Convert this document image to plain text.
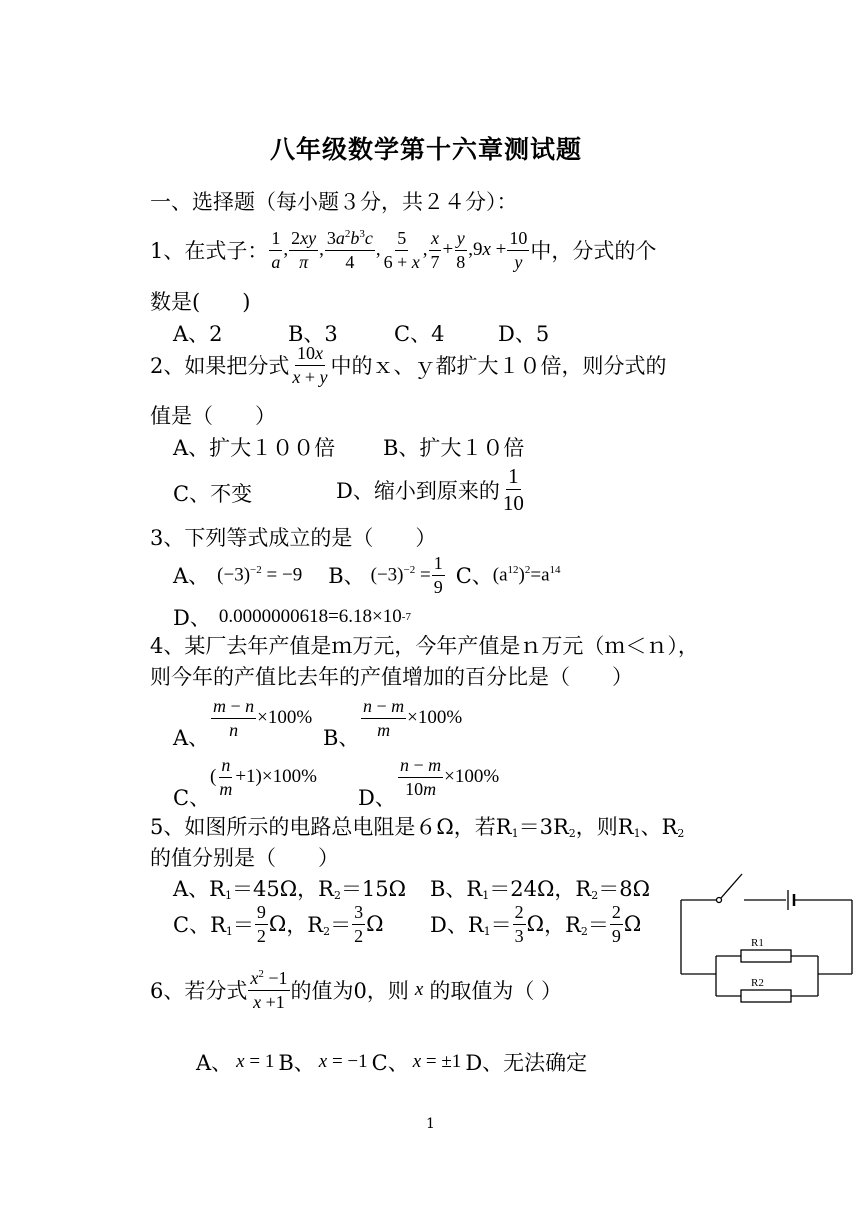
八年级数学第十六章测试题
一、选择题（每小题３分，共２４分）：
1、在式子： $\frac{1}{a}$ , $\frac{2xy}{\pi}$ , $\frac{3a^2b^3c}{4}$ , $\frac{5}{6 + x}$ , $\frac{x}{7} + \frac{y}{8} ,9x + \frac{10}{y}$ 中，分式的个
数是(　　)
A、2	B、3	C、4	D、5
2、如果把分式 $\frac{10x}{x + y}$ 中的ｘ、ｙ都扩大１０倍，则分式的
值是（　　）
A、扩大１００倍 B、扩大１０倍
C、不变	D、缩小到原来的 $\frac{1}{10}$
3、下列等式成立的是（　　）
A、 $(-3)^{-2} = -9$ B、 $(-3)^{-2} = \frac{1}{9}$ C、 $(a^{12})^2=a^{14}$
D、 0.0000000618=6.18×10 -7
4、某厂去年产值是ｍ万元，今年产值是ｎ万元（ｍ＜ｎ），
则今年的产值比去年的产值增加的百分比是（　　）
A、 $\frac{m - n}{n} \times 100\%$
B、 $\frac{n - m}{m} \times 100\%$
C、
( $\frac{n}{m} +1) \times 100\%$
D、 $\frac{n - m}{10m} \times 100\%$
5、如图所示的电路总电阻是６Ω，若$R_1=3R_2$，则$R_1$、$R_2$
的值分别是（　　）
A、$R_1=45\Omega$，$R_2=15\Omega$ B、$R_1=24\Omega$，$R_2=8\Omega$
C、 $R_1= \frac{9}{2}$ Ω ，$R_2= \frac{3}{2}$ Ω D、 $R_1= \frac{2}{3}$ Ω ，$R_2= \frac{2}{9}$ Ω
R1
R2
6、若分式 $\frac{x^2 -1}{x +1}$ 的值为0，则 x 的取值为（ ）
A、 x = 1 B、 x = −1 C、 x = ±1 D、无法确定
1
